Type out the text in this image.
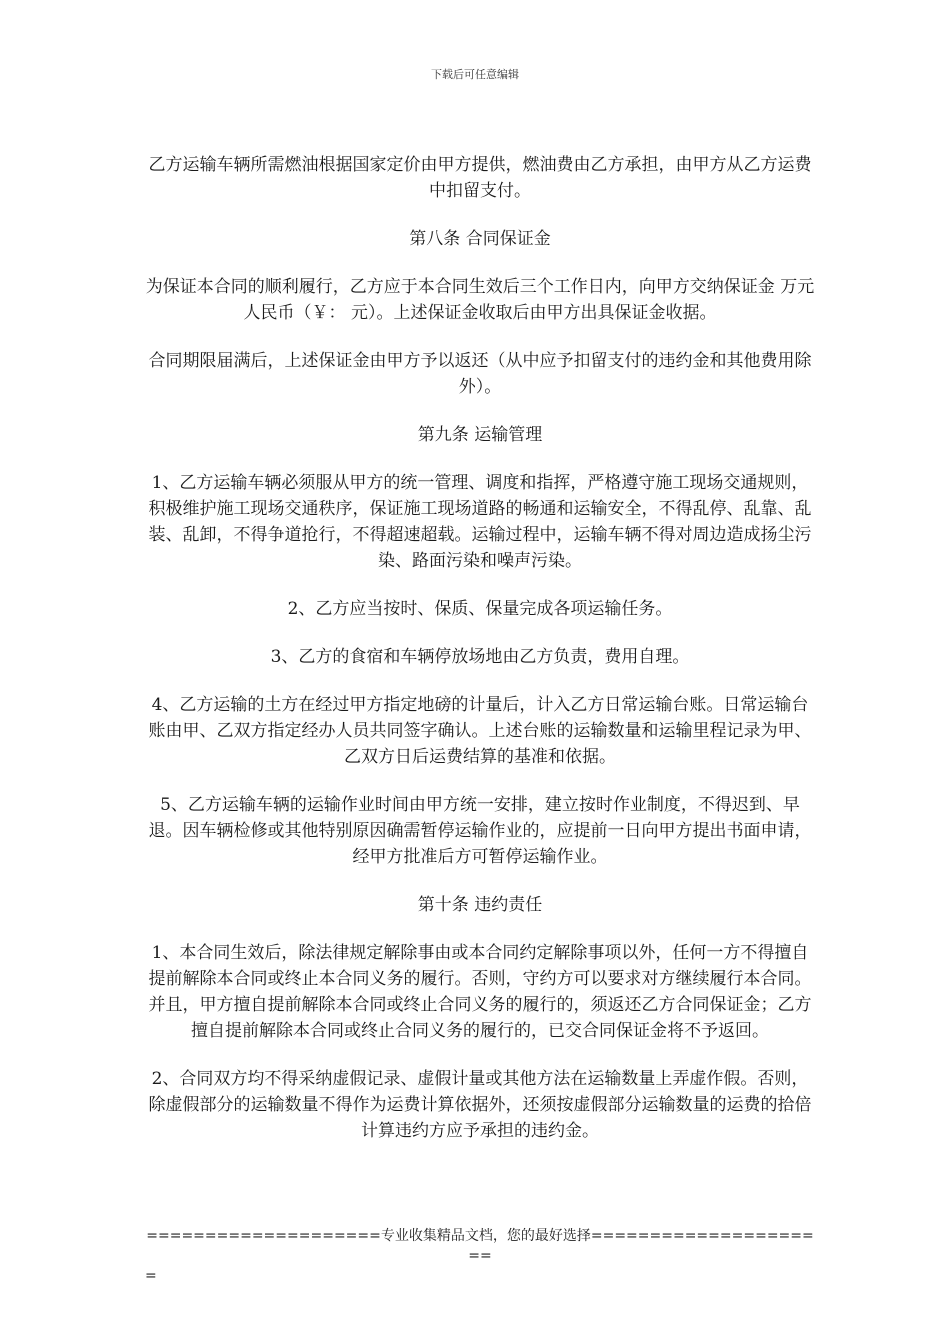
下载后可任意编辑

乙方运输车辆所需燃油根据国家定价由甲方提供，燃油费由乙方承担，由甲方从乙方运费中扣留支付。

第八条 合同保证金

为保证本合同的顺利履行，乙方应于本合同生效后三个工作日内，向甲方交纳保证金 万元人民币（￥： 元）。上述保证金收取后由甲方出具保证金收据。

合同期限届满后，上述保证金由甲方予以返还（从中应予扣留支付的违约金和其他费用除外）。

第九条 运输管理

1、乙方运输车辆必须服从甲方的统一管理、调度和指挥，严格遵守施工现场交通规则，积极维护施工现场交通秩序，保证施工现场道路的畅通和运输安全，不得乱停、乱靠、乱装、乱卸，不得争道抢行，不得超速超载。运输过程中，运输车辆不得对周边造成扬尘污染、路面污染和噪声污染。

2、乙方应当按时、保质、保量完成各项运输任务。

3、乙方的食宿和车辆停放场地由乙方负责，费用自理。

4、乙方运输的土方在经过甲方指定地磅的计量后，计入乙方日常运输台账。日常运输台账由甲、乙双方指定经办人员共同签字确认。上述台账的运输数量和运输里程记录为甲、乙双方日后运费结算的基准和依据。

5、乙方运输车辆的运输作业时间由甲方统一安排，建立按时作业制度，不得迟到、早退。因车辆检修或其他特别原因确需暂停运输作业的，应提前一日向甲方提出书面申请，经甲方批准后方可暂停运输作业。

第十条 违约责任

1、本合同生效后，除法律规定解除事由或本合同约定解除事项以外，任何一方不得擅自提前解除本合同或终止本合同义务的履行。否则，守约方可以要求对方继续履行本合同。并且，甲方擅自提前解除本合同或终止合同义务的履行的，须返还乙方合同保证金；乙方擅自提前解除本合同或终止合同义务的履行的，已交合同保证金将不予返回。

2、合同双方均不得采纳虚假记录、虚假计量或其他方法在运输数量上弄虚作假。否则，除虚假部分的运输数量不得作为运费计算依据外，还须按虚假部分运输数量的运费的拾倍计算违约方应予承担的违约金。

====================专业收集精品文档，您的最好选择=====================
=
